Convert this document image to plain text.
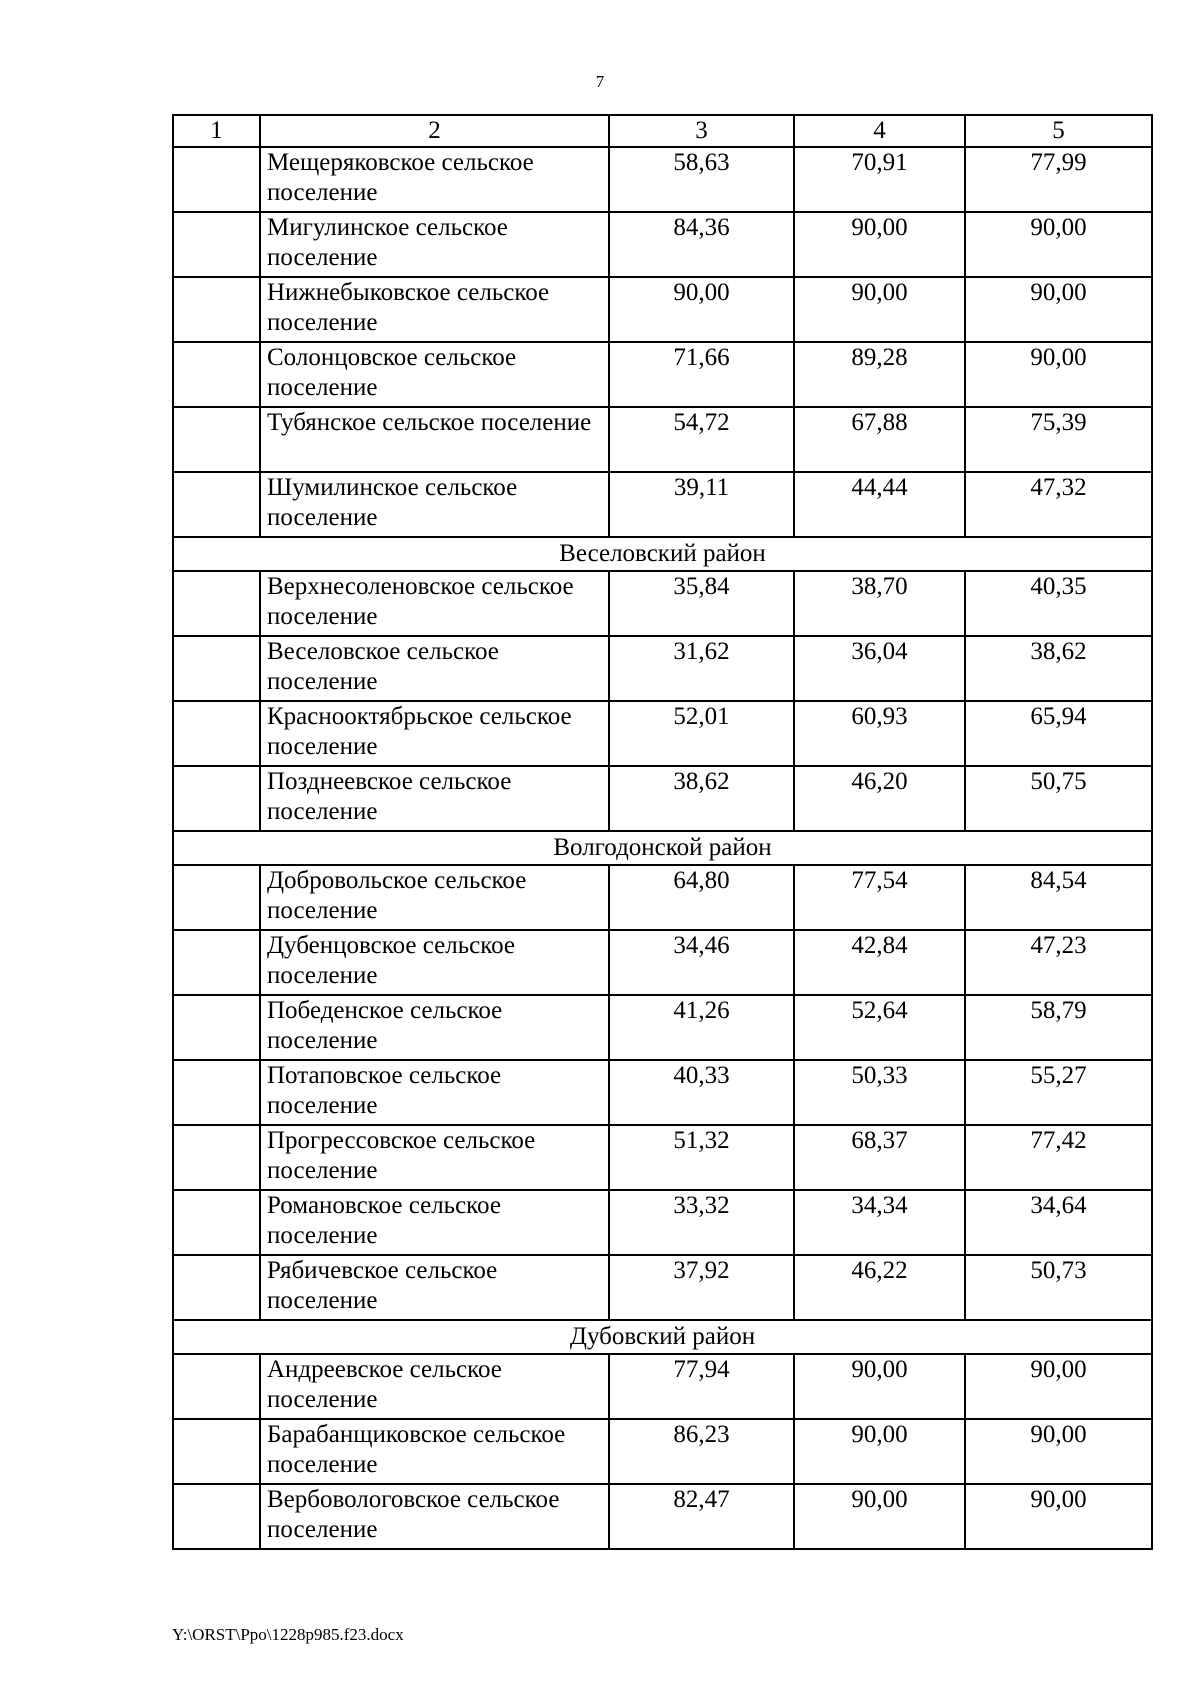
7
1	2	3	4	5
	Мещеряковское сельское поселение	58,63	70,91	77,99
	Мигулинское сельское поселение	84,36	90,00	90,00
	Нижнебыковское сельское поселение	90,00	90,00	90,00
	Солонцовское сельское поселение	71,66	89,28	90,00
	Тубянское сельское поселение	54,72	67,88	75,39
	Шумилинское сельское поселение	39,11	44,44	47,32
Веселовский район				
	Верхнесоленовское сельское поселение	35,84	38,70	40,35
	Веселовское сельское поселение	31,62	36,04	38,62
	Краснооктябрьское сельское поселение	52,01	60,93	65,94
	Позднеевское сельское поселение	38,62	46,20	50,75
Волгодонской район				
	Добровольское сельское поселение	64,80	77,54	84,54
	Дубенцовское сельское поселение	34,46	42,84	47,23
	Победенское сельское поселение	41,26	52,64	58,79
	Потаповское сельское поселение	40,33	50,33	55,27
	Прогрессовское сельское поселение	51,32	68,37	77,42
	Романовское сельское поселение	33,32	34,34	34,64
	Рябичевское сельское поселение	37,92	46,22	50,73
Дубовский район				
	Андреевское сельское поселение	77,94	90,00	90,00
	Барабанщиковское сельское поселение	86,23	90,00	90,00
	Вербовологовское сельское поселение	82,47	90,00	90,00
Y:\ORST\Ppo\1228p985.f23.docx
